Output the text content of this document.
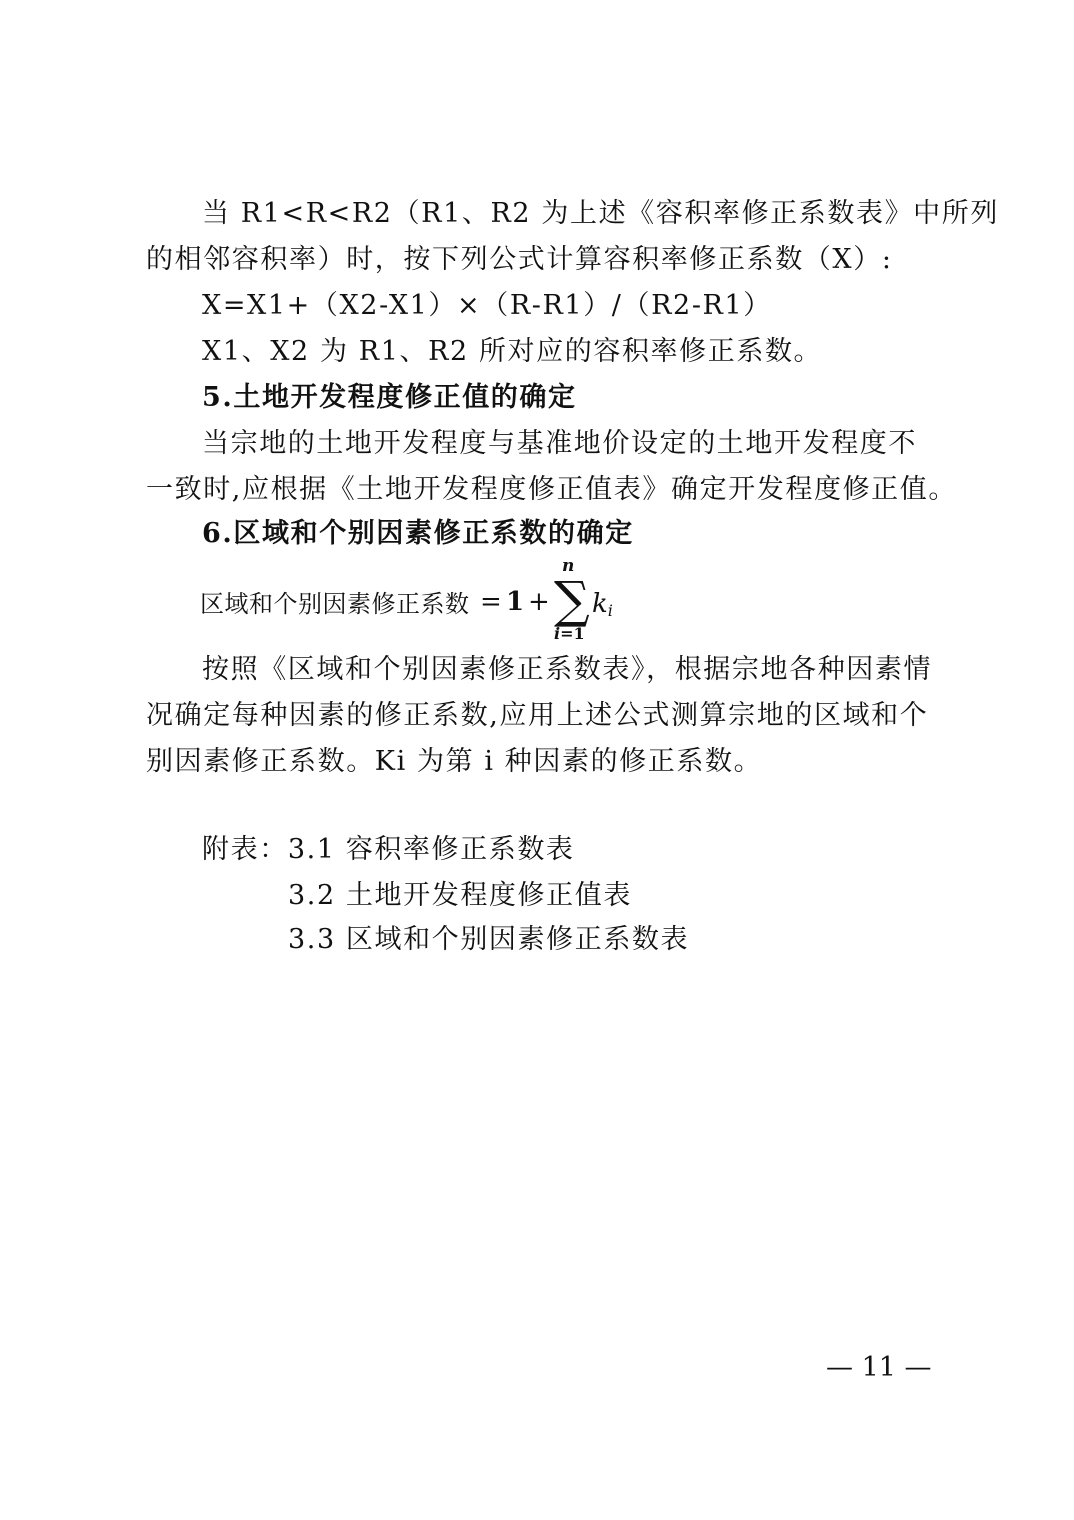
当 R1<R<R2（R1、R2 为上述《容积率修正系数表》中所列
的相邻容积率）时，按下列公式计算容积率修正系数（X）:
X=X1+（X2-X1）×（R-R1）/（R2-R1）
X1、X2 为 R1、R2 所对应的容积率修正系数。
5.土地开发程度修正值的确定
当宗地的土地开发程度与基准地价设定的土地开发程度不
一致时,应根据《土地开发程度修正值表》确定开发程度修正值。
6.区域和个别因素修正系数的确定
区域和个别因素修正系数 = 1 +
n
∑
i=1
$k_i$
按照《区域和个别因素修正系数表》，根据宗地各种因素情
况确定每种因素的修正系数,应用上述公式测算宗地的区域和个
别因素修正系数。Ki 为第 i 种因素的修正系数。
附表：3.1 容积率修正系数表
3.2 土地开发程度修正值表
3.3 区域和个别因素修正系数表
— 11 —
